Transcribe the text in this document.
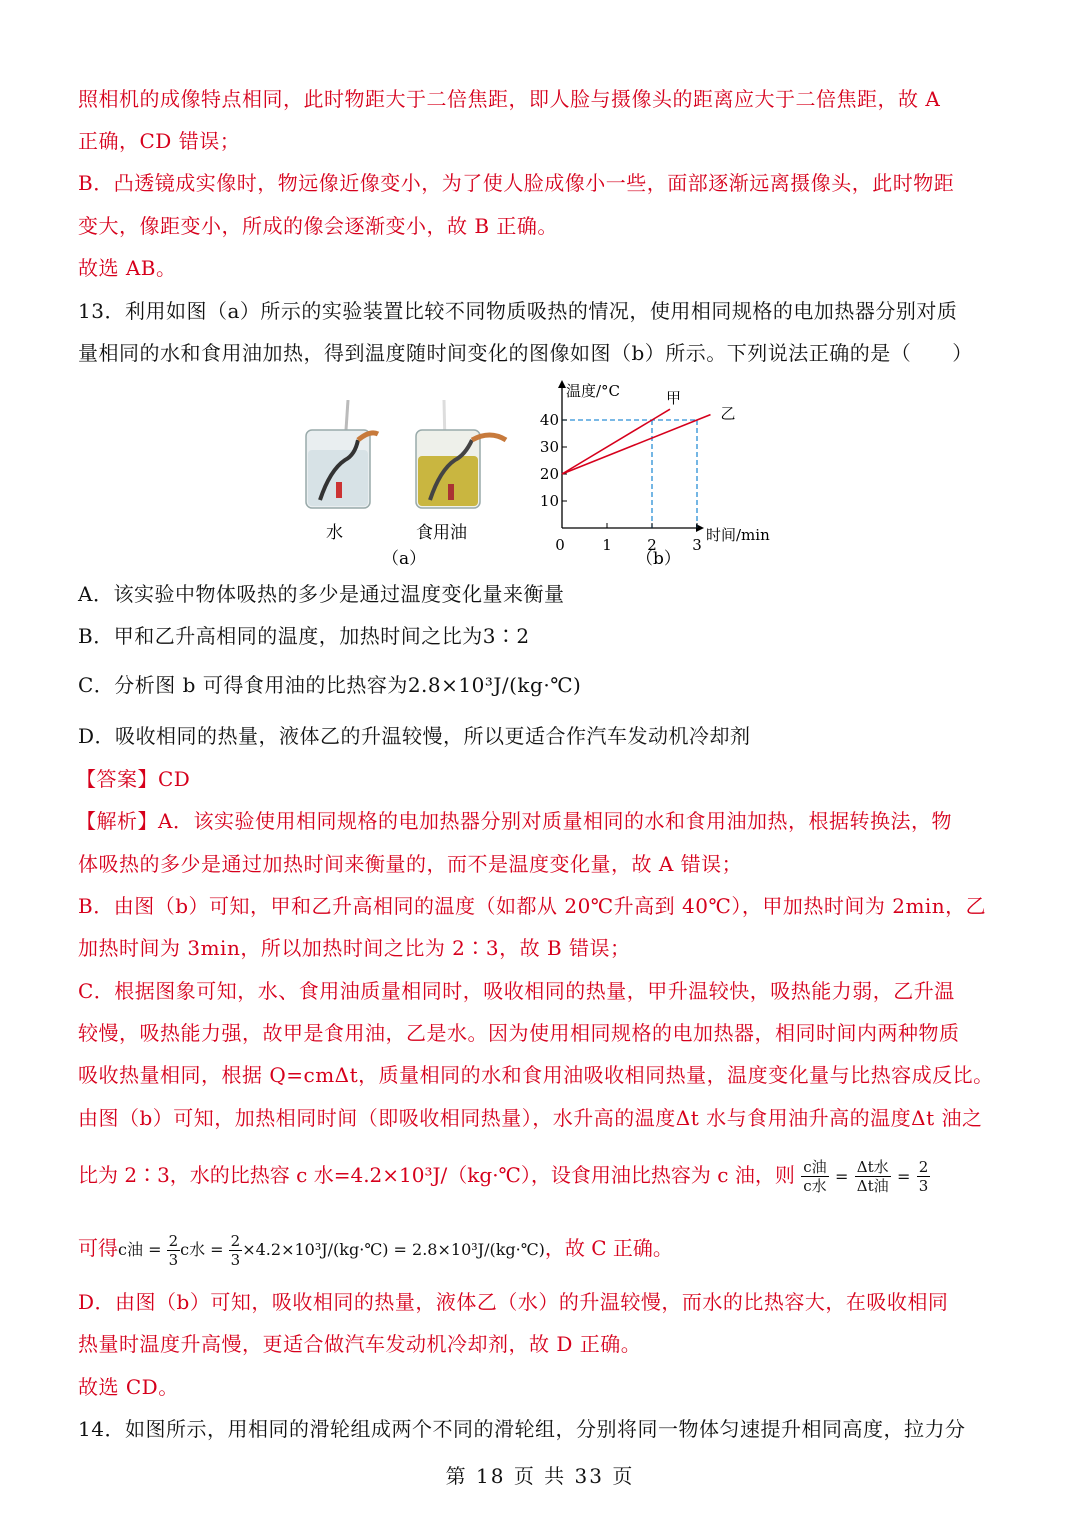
照相机的成像特点相同，此时物距大于二倍焦距，即人脸与摄像头的距离应大于二倍焦距，故 A
正确，CD 错误；
B．凸透镜成实像时，物远像近像变小，为了使人脸成像小一些，面部逐渐远离摄像头，此时物距
变大，像距变小，所成的像会逐渐变小，故 B 正确。
故选 AB。
13．利用如图（a）所示的实验装置比较不同物质吸热的情况，使用相同规格的电加热器分别对质
量相同的水和食用油加热，得到温度随时间变化的图像如图（b）所示。下列说法正确的是（　　）
水	食用油
（a）
10
20
30
40
0 1 2 3
甲
乙
温度/°C
时间/min
（b）
A．该实验中物体吸热的多少是通过温度变化量来衡量
B．甲和乙升高相同的温度，加热时间之比为3∶2
C．分析图 b 可得食用油的比热容为2.8×10³J/(kg·℃)
D．吸收相同的热量，液体乙的升温较慢，所以更适合作汽车发动机冷却剂
【答案】CD
【解析】A．该实验使用相同规格的电加热器分别对质量相同的水和食用油加热，根据转换法，物
体吸热的多少是通过加热时间来衡量的，而不是温度变化量，故 A 错误；
B．由图（b）可知，甲和乙升高相同的温度（如都从 20℃升高到 40℃），甲加热时间为 2min，乙
加热时间为 3min，所以加热时间之比为 2∶3，故 B 错误；
C．根据图象可知，水、食用油质量相同时，吸收相同的热量，甲升温较快，吸热能力弱，乙升温
较慢，吸热能力强，故甲是食用油，乙是水。因为使用相同规格的电加热器，相同时间内两种物质
吸收热量相同，根据 Q=cmΔt，质量相同的水和食用油吸收相同热量，温度变化量与比热容成反比。
由图（b）可知，加热相同时间（即吸收相同热量），水升高的温度Δt 水与食用油升高的温度Δt 油之
比为 2∶3，水的比热容 c 水=4.2×10³J/（kg·℃），设食用油比热容为 c 油，则 $\frac{\text{c油}}{\text{c水}} = \frac{\text{Δt水}}{\text{Δt油}} = \frac{2}{3}$
可得c油 = $\frac{2}{3}$ c水 = $\frac{2}{3}$ ×4.2×10³J/(kg·℃) = 2.8×10³J/(kg·℃)，故 C 正确。
D．由图（b）可知，吸收相同的热量，液体乙（水）的升温较慢，而水的比热容大，在吸收相同
热量时温度升高慢，更适合做汽车发动机冷却剂，故 D 正确。
故选 CD。
14．如图所示，用相同的滑轮组成两个不同的滑轮组，分别将同一物体匀速提升相同高度，拉力分
第 18 页 共 33 页
